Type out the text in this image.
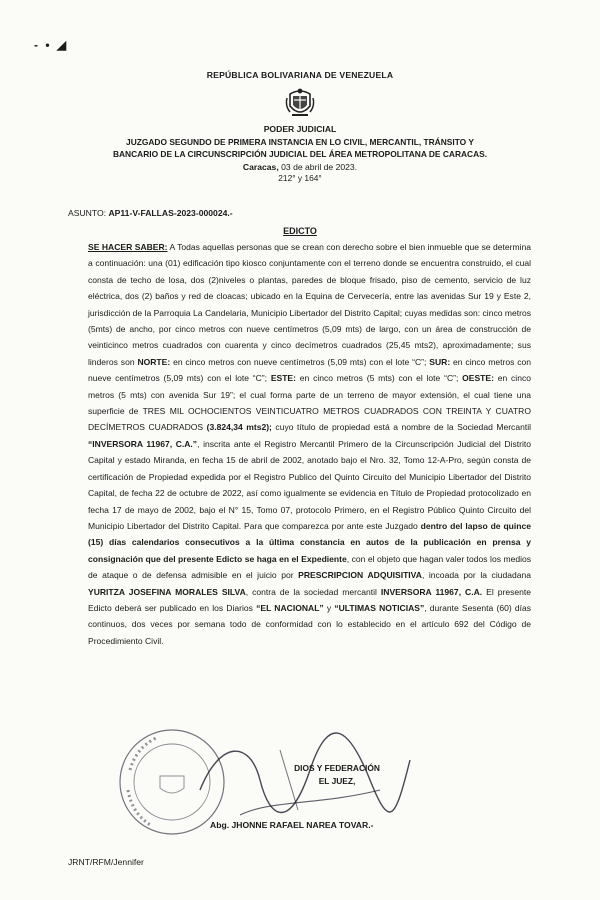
- • ◢
REPÚBLICA BOLIVARIANA DE VENEZUELA
PODER JUDICIAL
JUZGADO SEGUNDO DE PRIMERA INSTANCIA EN LO CIVIL, MERCANTIL, TRÁNSITO Y
BANCARIO DE LA CIRCUNSCRIPCIÓN JUDICIAL DEL ÁREA METROPOLITANA DE CARACAS.
Caracas, 03 de abril de 2023.
212° y 164°
ASUNTO: AP11-V-FALLAS-2023-000024.-
EDICTO

SE HACER SABER: A Todas aquellas personas que se crean con derecho sobre el bien inmueble que se determina a continuación: una (01) edificación tipo kiosco conjuntamente con el terreno donde se encuentra construido, el cual consta de techo de losa, dos (2)niveles o plantas, paredes de bloque frisado, piso de cemento, servicio de luz eléctrica, dos (2) baños y red de cloacas; ubicado en la Equina de Cervecería, entre las avenidas Sur 19 y Este 2, jurisdicción de la Parroquia La Candelaria, Municipio Libertador del Distrito Capital; cuyas medidas son: cinco metros (5mts) de ancho, por cinco metros con nueve centímetros (5,09 mts) de largo, con un área de construcción de veinticinco metros cuadrados con cuarenta y cinco decímetros cuadrados (25,45 mts2), aproximadamente; sus linderos son NORTE: en cinco metros con nueve centímetros (5,09 mts) con el lote “C”; SUR: en cinco metros con nueve centímetros (5,09 mts) con el lote “C”; ESTE: en cinco metros (5 mts) con el lote “C”; OESTE: en cinco metros (5 mts) con avenida Sur 19”; el cual forma parte de un terreno de mayor extensión, el cual tiene una superficie de TRES MIL OCHOCIENTOS VEINTICUATRO METROS CUADRADOS CON TREINTA Y CUATRO DECÍMETROS CUADRADOS (3.824,34 mts2); cuyo título de propiedad está a nombre de la Sociedad Mercantil “INVERSORA 11967, C.A.”, inscrita ante el Registro Mercantil Primero de la Circunscripción Judicial del Distrito Capital y estado Miranda, en fecha 15 de abril de 2002, anotado bajo el Nro. 32, Tomo 12-A-Pro, según consta de certificación de Propiedad expedida por el Registro Publico del Quinto Circuito del Municipio Libertador del Distrito Capital, de fecha 22 de octubre de 2022, así como igualmente se evidencia en Título de Propiedad protocolizado en fecha 17 de mayo de 2002, bajo el N° 15, Tomo 07, protocolo Primero, en el Registro Público Quinto Circuito del Municipio Libertador del Distrito Capital. Para que comparezca por ante este Juzgado dentro del lapso de quince (15) días calendarios consecutivos a la última constancia en autos de la publicación en prensa y consignación que del presente Edicto se haga en el Expediente, con el objeto que hagan valer todos los medios de ataque o de defensa admisible en el juicio por PRESCRIPCION ADQUISITIVA, incoada por la ciudadana YURITZA JOSEFINA MORALES SILVA, contra de la sociedad mercantil INVERSORA 11967, C.A. El presente Edicto deberá ser publicado en los Diarios “EL NACIONAL” y “ULTIMAS NOTICIAS”, durante Sesenta (60) días continuos, dos veces por semana todo de conformidad con lo establecido en el artículo 692 del Código de Procedimiento Civil.

DIOS Y FEDERACIÓN
EL JUEZ,
Abg. JHONNE RAFAEL NAREA TOVAR.-
JRNT/RFM/Jennifer
